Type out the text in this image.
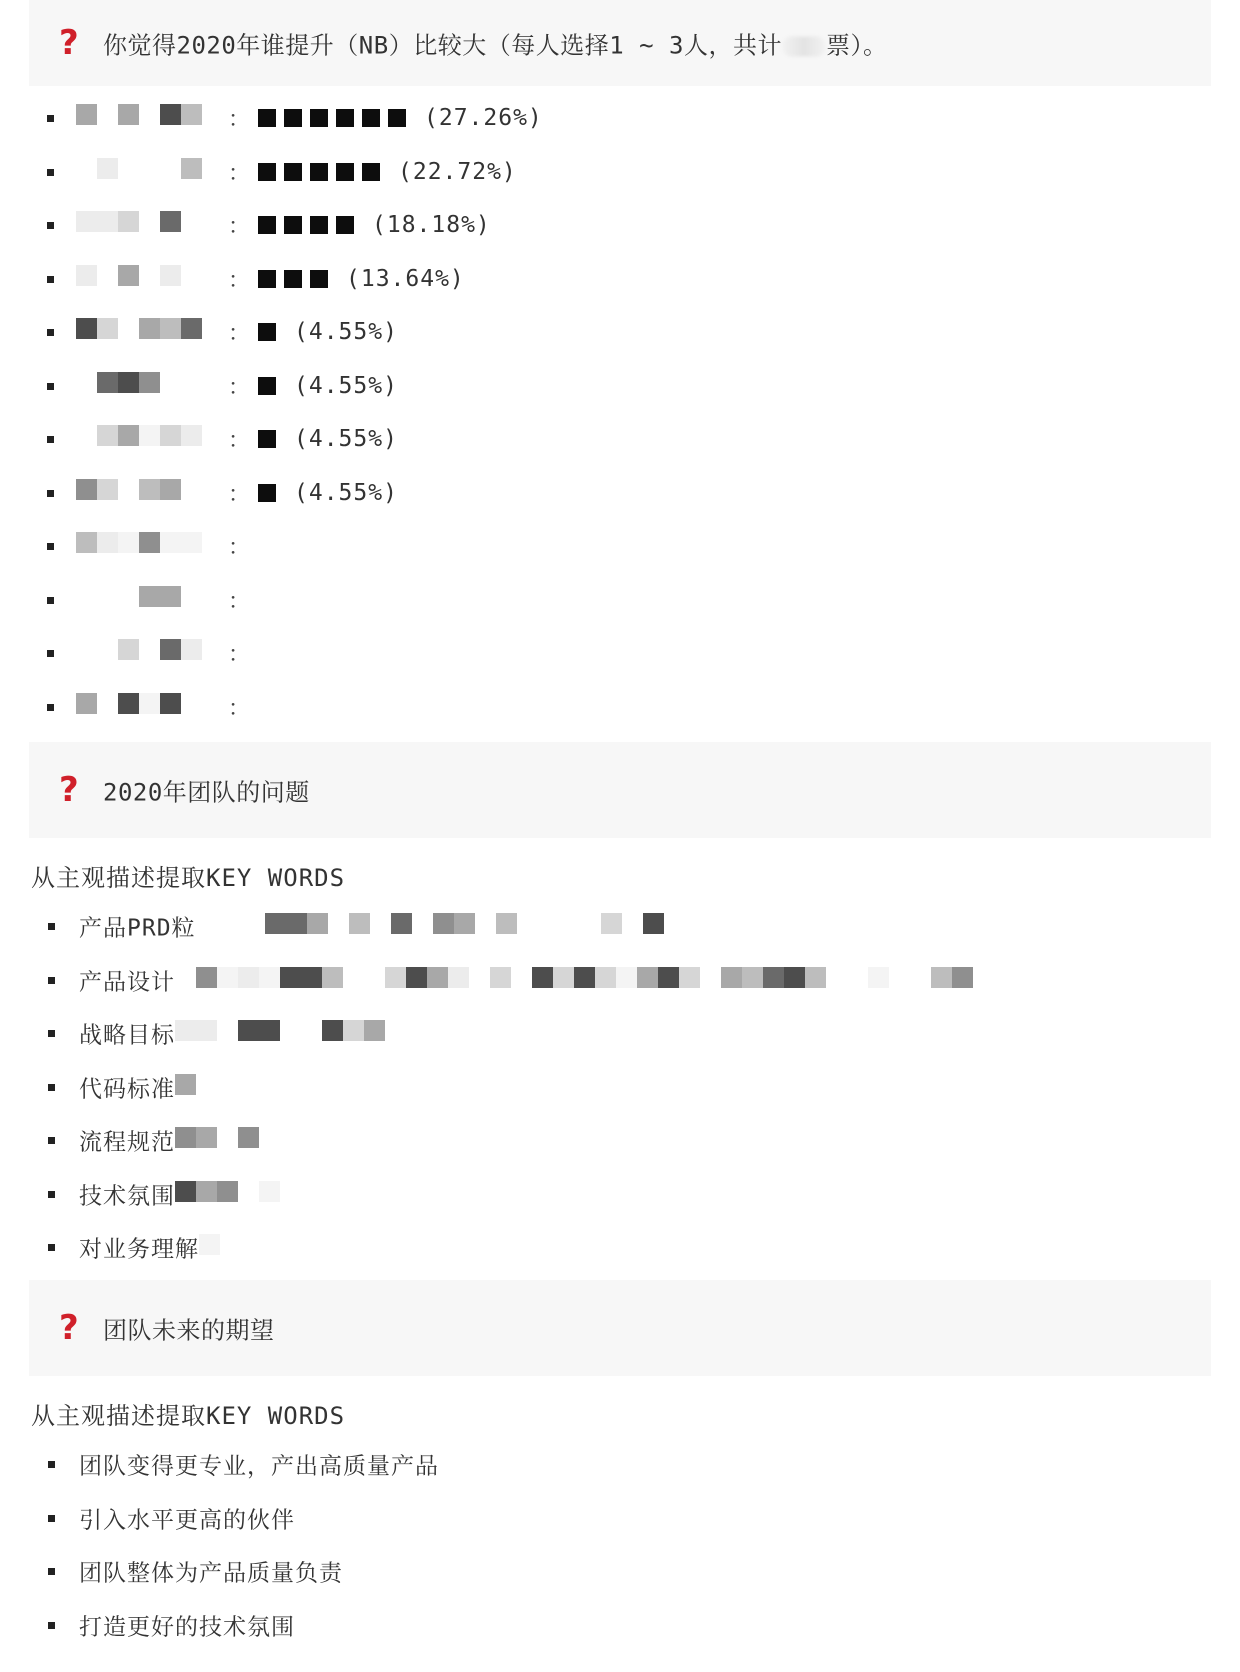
? 你觉得2020年谁提升（NB）比较大（每人选择1 ~ 3人，共计 票）。
：	(27.26%)
：	(22.72%)
：	(18.18%)
：	(13.64%)
： (4.55%)
： (4.55%)
： (4.55%)
： (4.55%)
：
：
：
：
? 2020年团队的问题
从主观描述提取KEY WORDS
产品PRD粒
产品设计
战略目标
代码标准
流程规范
技术氛围
对业务理解
? 团队未来的期望
从主观描述提取KEY WORDS
团队变得更专业，产出高质量产品
引入水平更高的伙伴
团队整体为产品质量负责
打造更好的技术氛围
